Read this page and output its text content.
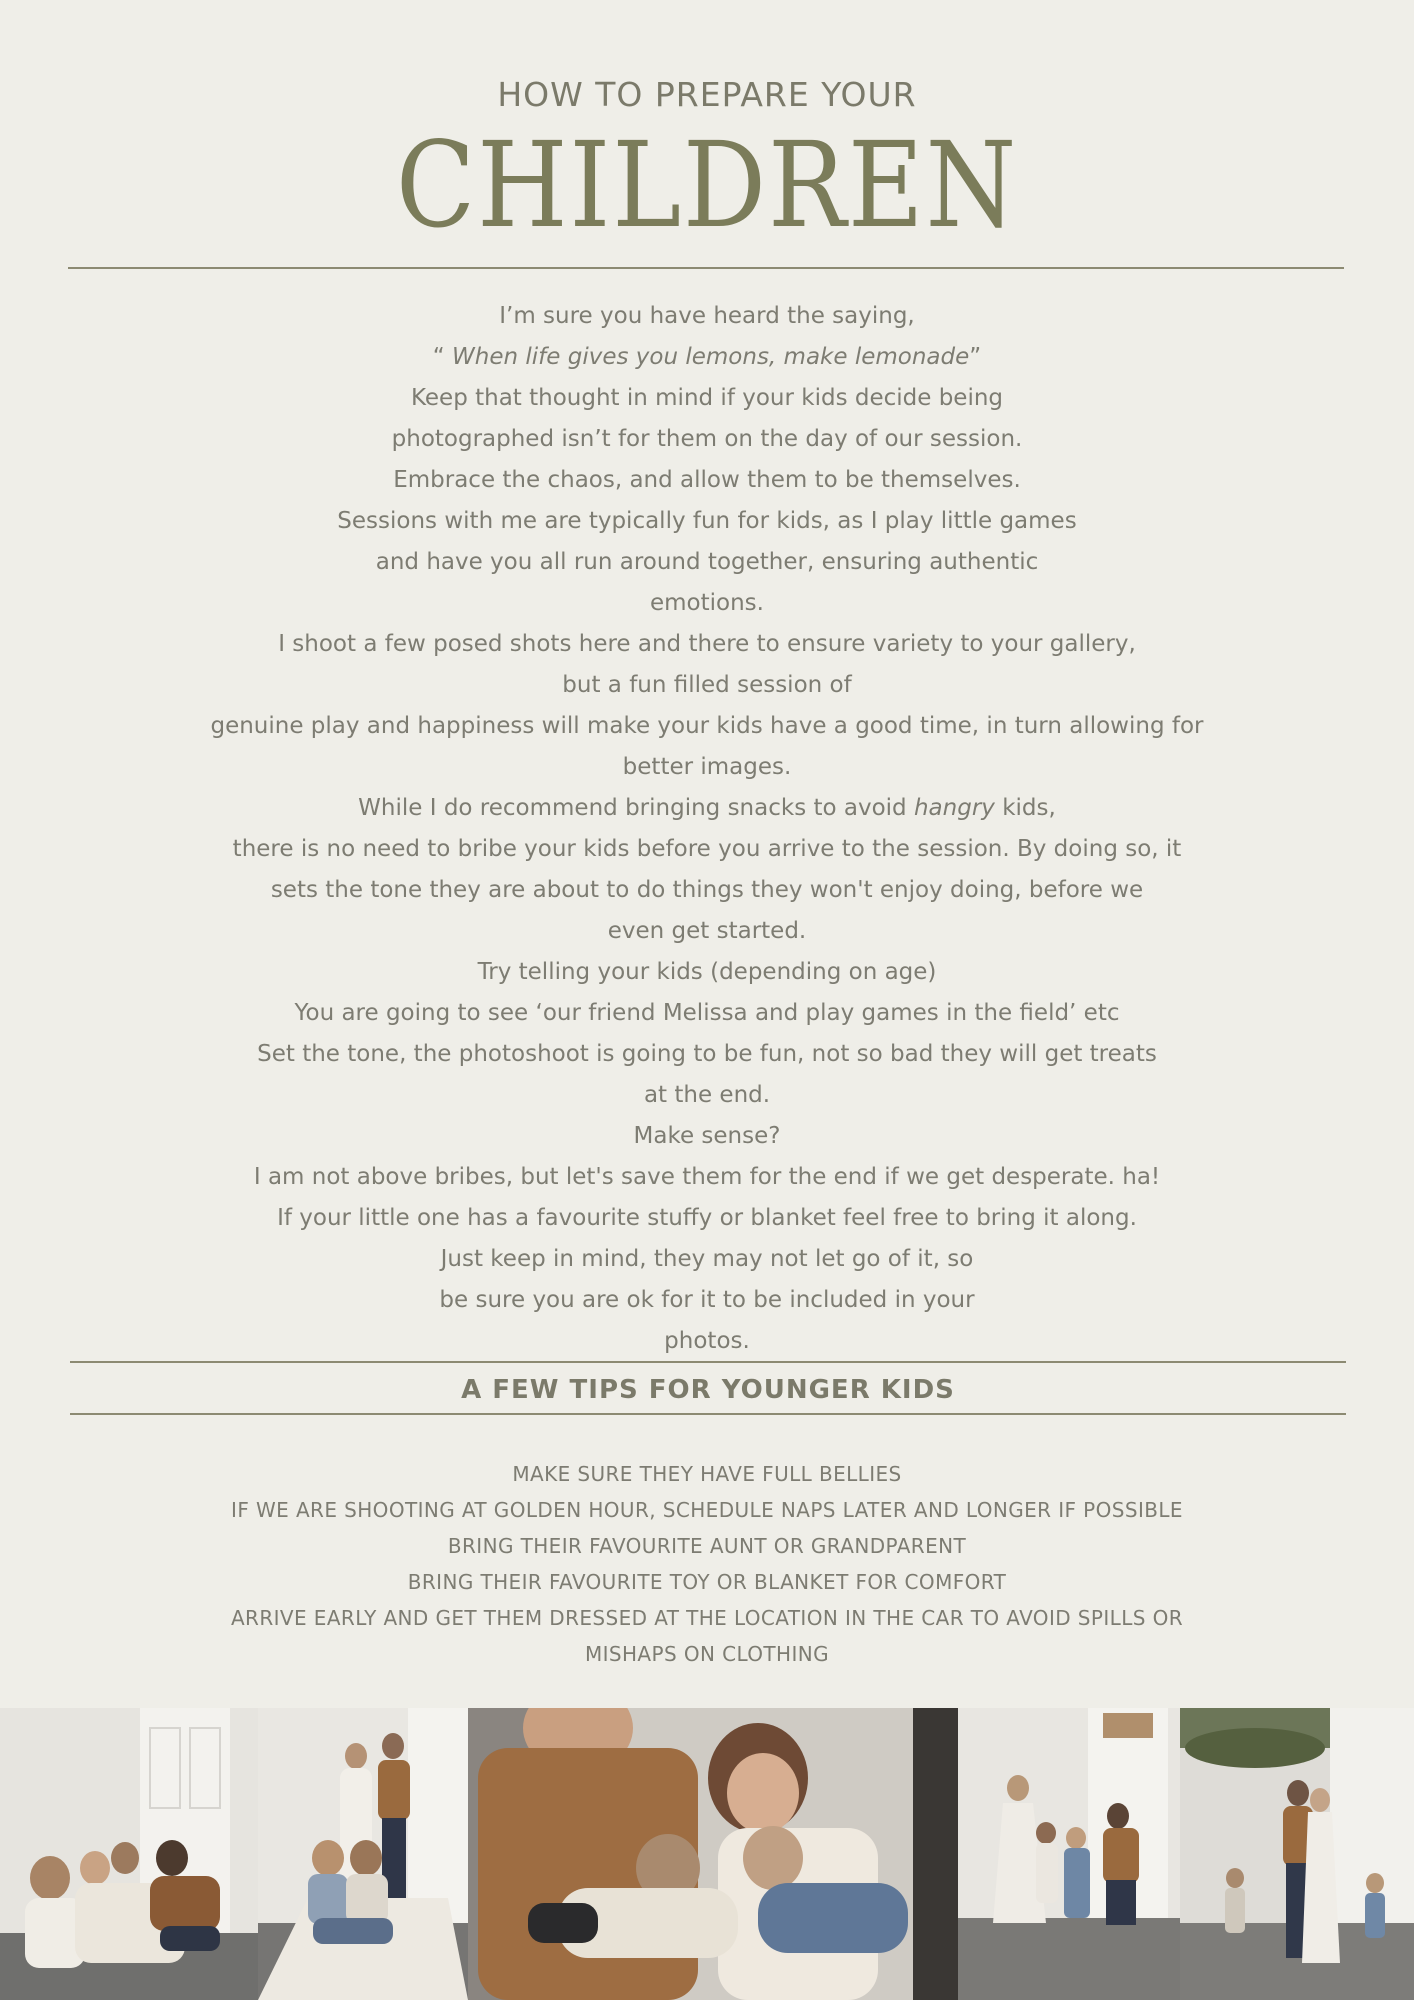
HOW TO PREPARE YOUR

CHILDREN

I’m sure you have heard the saying,

“ When life gives you lemons, make lemonade”

Keep that thought in mind if your kids decide being

photographed isn’t for them on the day of our session.

Embrace the chaos, and allow them to be themselves.

Sessions with me are typically fun for kids, as I play little games

and have you all run around together, ensuring authentic

emotions.

I shoot a few posed shots here and there to ensure variety to your gallery,

but a fun filled session of

genuine play and happiness will make your kids have a good time, in turn allowing for

better images.

While I do recommend bringing snacks to avoid hangry kids,

there is no need to bribe your kids before you arrive to the session. By doing so, it

sets the tone they are about to do things they won't enjoy doing, before we

even get started.

Try telling your kids (depending on age)

You are going to see ‘our friend Melissa and play games in the field’ etc

Set the tone, the photoshoot is going to be fun, not so bad they will get treats

at the end.

Make sense?

I am not above bribes, but let's save them for the end if we get desperate. ha!

If your little one has a favourite stuffy or blanket feel free to bring it along.

Just keep in mind, they may not let go of it, so

be sure you are ok for it to be included in your

photos.

A FEW TIPS FOR YOUNGER KIDS
MAKE SURE THEY HAVE FULL BELLIES
IF WE ARE SHOOTING AT GOLDEN HOUR, SCHEDULE NAPS LATER AND LONGER IF POSSIBLE
BRING THEIR FAVOURITE AUNT OR GRANDPARENT
BRING THEIR FAVOURITE TOY OR BLANKET FOR COMFORT
ARRIVE EARLY AND GET THEM DRESSED AT THE LOCATION IN THE CAR TO AVOID SPILLS OR
MISHAPS ON CLOTHING
